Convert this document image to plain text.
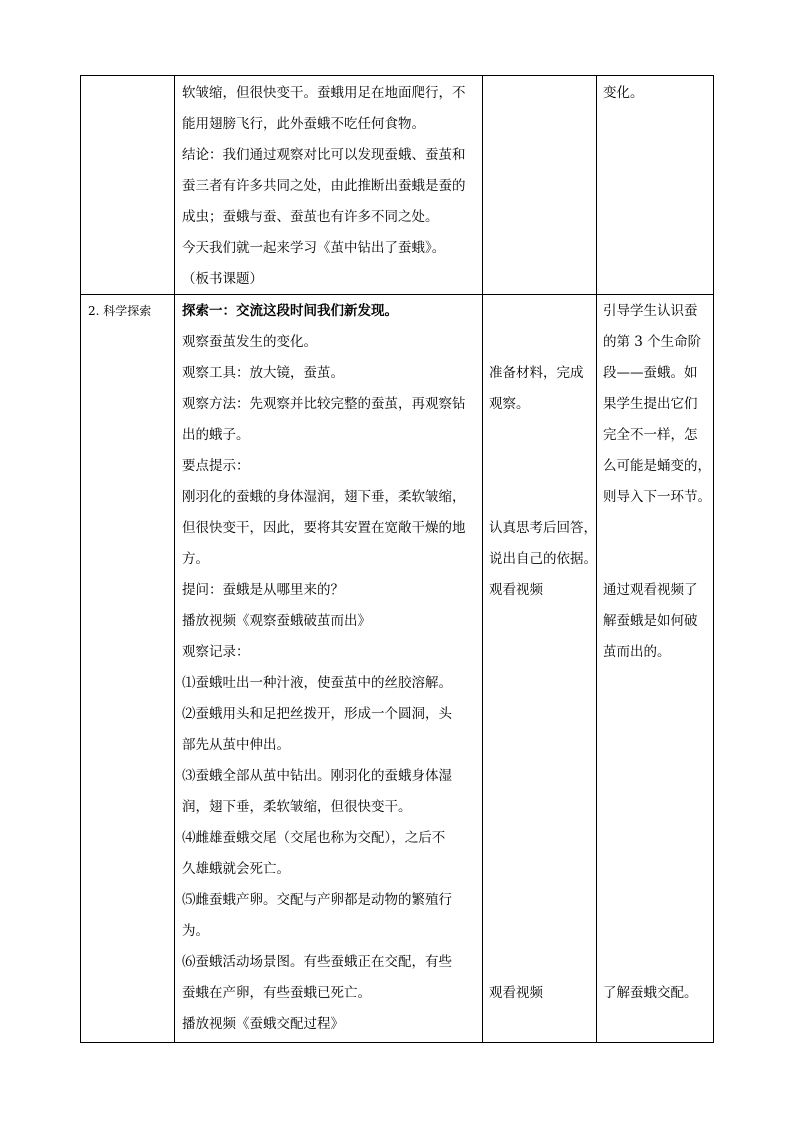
软皱缩，但很快变干。蚕蛾用足在地面爬行，不
能用翅膀飞行，此外蚕蛾不吃任何食物。
结论：我们通过观察对比可以发现蚕蛾、蚕茧和
蚕三者有许多共同之处，由此推断出蚕蛾是蚕的
成虫；蚕蛾与蚕、蚕茧也有许多不同之处。
今天我们就一起来学习《茧中钻出了蚕蛾》。
（板书课题）
变化。
2. 科学探索 探索一：交流这段时间我们新发现。
观察蚕茧发生的变化。
观察工具：放大镜，蚕茧。
观察方法：先观察并比较完整的蚕茧，再观察钻
出的蛾子。
要点提示：
刚羽化的蚕蛾的身体湿润，翅下垂，柔软皱缩，
但很快变干，因此，要将其安置在宽敞干燥的地
方。
提问：蚕蛾是从哪里来的？
播放视频《观察蚕蛾破茧而出》
观察记录：
⑴蚕蛾吐出一种汁液，使蚕茧中的丝胶溶解。
⑵蚕蛾用头和足把丝拨开，形成一个圆洞，头
部先从茧中伸出。
⑶蚕蛾全部从茧中钻出。刚羽化的蚕蛾身体湿
润，翅下垂，柔软皱缩，但很快变干。
⑷雌雄蚕蛾交尾（交尾也称为交配），之后不
久雄蛾就会死亡。
⑸雌蚕蛾产卵。交配与产卵都是动物的繁殖行
为。
⑹蚕蛾活动场景图。有些蚕蛾正在交配，有些
蚕蛾在产卵，有些蚕蛾已死亡。
播放视频《蚕蛾交配过程》
准备材料，完成
观察。
认真思考后回答，
说出自己的依据。
观看视频
观看视频
引导学生认识蚕
的第 3 个生命阶
段——蚕蛾。如
果学生提出它们
完全不一样，怎
么可能是蛹变的，
则导入下一环节。
通过观看视频了
解蚕蛾是如何破
茧而出的。
了解蚕蛾交配。
